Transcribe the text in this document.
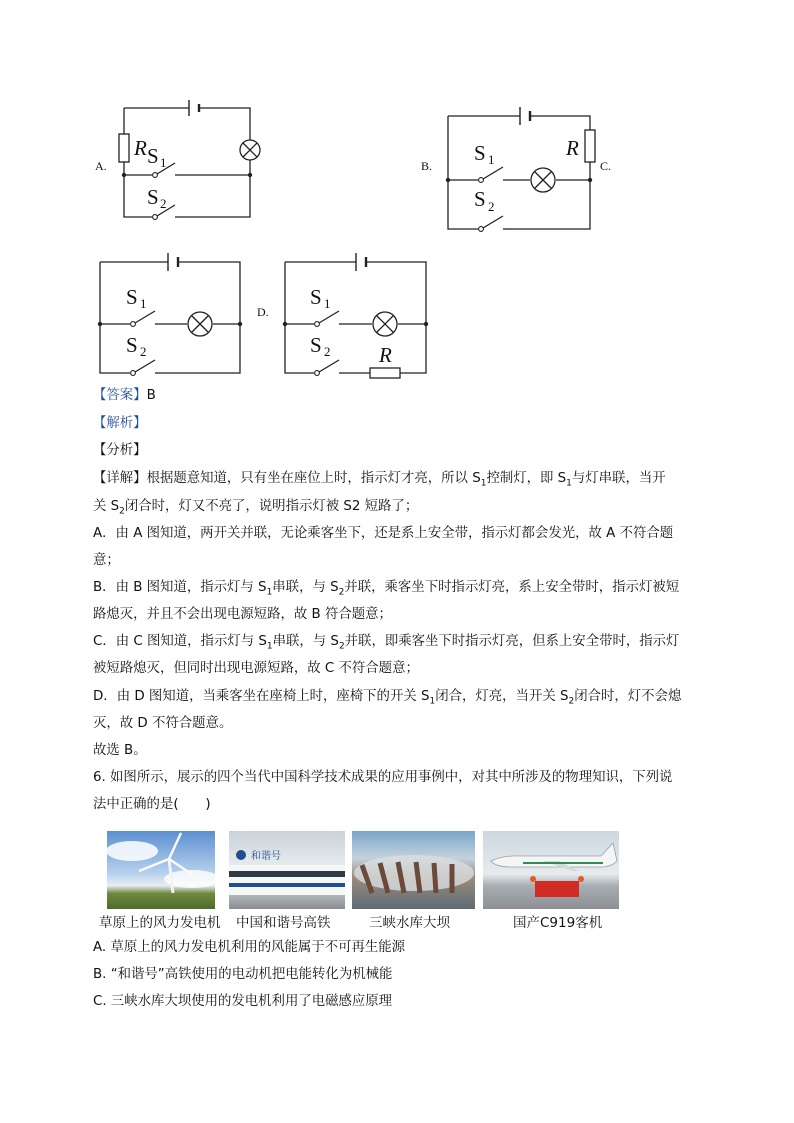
A.
R S 1
S 2
B.	C.
R
S 1
S 2
S 1
S 2
D.
R
S 1
S 2
【答案】B
【解析】
【分析】
【详解】根据题意知道，只有坐在座位上时，指示灯才亮，所以 $S_1$控制灯，即 $S_1$与灯串联，当开
关 $S_2$闭合时，灯又不亮了，说明指示灯被 S2 短路了；
A．由 A 图知道，两开关并联，无论乘客坐下，还是系上安全带，指示灯都会发光，故 A 不符合题
意；
B．由 B 图知道，指示灯与 $S_1$串联，与 $S_2$并联，乘客坐下时指示灯亮，系上安全带时，指示灯被短
路熄灭，并且不会出现电源短路，故 B 符合题意；
C．由 C 图知道，指示灯与 $S_1$串联，与 $S_2$并联，即乘客坐下时指示灯亮，但系上安全带时，指示灯
被短路熄灭，但同时出现电源短路，故 C 不符合题意；
D．由 D 图知道，当乘客坐在座椅上时，座椅下的开关 $S_1$闭合，灯亮，当开关 $S_2$闭合时，灯不会熄
灭，故 D 不符合题意。
故选 B。
6. 如图所示，展示的四个当代中国科学技术成果的应用事例中，对其中所涉及的物理知识，下列说
法中正确的是(　　)
和谐号
草原上的风力发电机 中国和谐号高铁	三峡水库大坝	国产C919客机
A. 草原上的风力发电机利用的风能属于不可再生能源
B. “和谐号”高铁使用的电动机把电能转化为机械能
C. 三峡水库大坝使用的发电机利用了电磁感应原理
